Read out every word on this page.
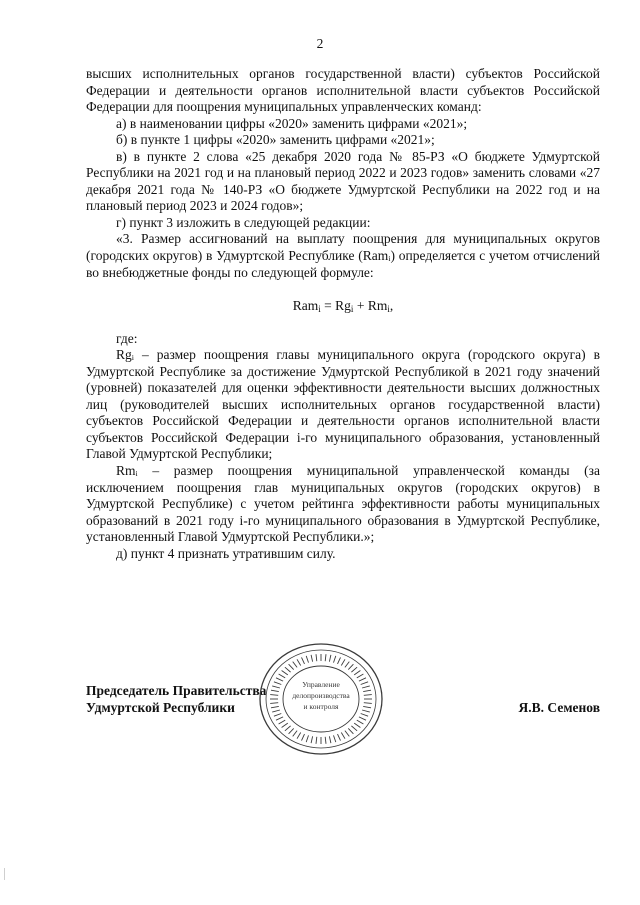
2

высших исполнительных органов государственной власти) субъектов Российской Федерации и деятельности органов исполнительной власти субъектов Российской Федерации для поощрения муниципальных управленческих команд:

а) в наименовании цифры «2020» заменить цифрами «2021»;

б) в пункте 1 цифры «2020» заменить цифрами «2021»;

в) в пункте 2 слова «25 декабря 2020 года № 85-РЗ «О бюджете Удмуртской Республики на 2021 год и на плановый период 2022 и 2023 годов» заменить словами «27 декабря 2021 года № 140-РЗ «О бюджете Удмуртской Республики на 2022 год и на плановый период 2023 и 2024 годов»;

г) пункт 3 изложить в следующей редакции:

«3. Размер ассигнований на выплату поощрения для муниципальных округов (городских округов) в Удмуртской Республике (Ramᵢ) определяется с учетом отчислений во внебюджетные фонды по следующей формуле:

$Ram_i = Rg_i + Rm_i$,

где:

Rgᵢ – размер поощрения главы муниципального округа (городского округа) в Удмуртской Республике за достижение Удмуртской Республикой в 2021 году значений (уровней) показателей для оценки эффективности деятельности высших должностных лиц (руководителей высших исполнительных органов государственной власти) субъектов Российской Федерации и деятельности органов исполнительной власти субъектов Российской Федерации i-го муниципального образования, установленный Главой Удмуртской Республики;

Rmᵢ – размер поощрения муниципальной управленческой команды (за исключением поощрения глав муниципальных округов (городских округов) в Удмуртской Республике) с учетом рейтинга эффективности работы муниципальных образований в 2021 году i-го муниципального образования в Удмуртской Республике, установленный Главой Удмуртской Республики.»;

д) пункт 4 признать утратившим силу.

Председатель Правительства
Удмуртской Республики	Я.В. Семенов
Управление
делопроизводства
и контроля
